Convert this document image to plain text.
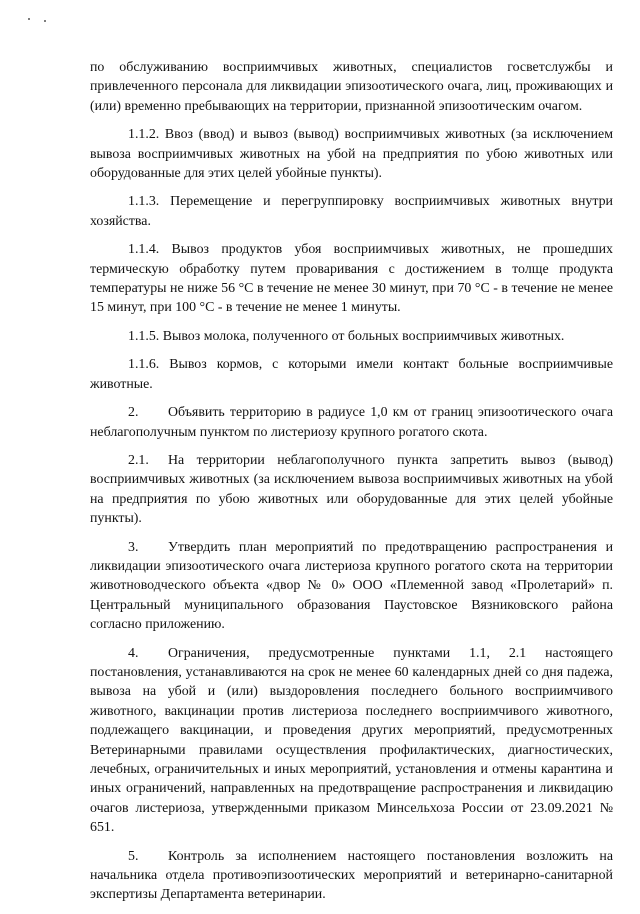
по обслуживанию восприимчивых животных, специалистов госветслужбы и привлеченного персонала для ликвидации эпизоотического очага, лиц, проживающих и (или) временно пребывающих на территории, признанной эпизоотическим очагом.

1.1.2. Ввоз (ввод) и вывоз (вывод) восприимчивых животных (за исключением вывоза восприимчивых животных на убой на предприятия по убою животных или оборудованные для этих целей убойные пункты).

1.1.3. Перемещение и перегруппировку восприимчивых животных внутри хозяйства.

1.1.4. Вывоз продуктов убоя восприимчивых животных, не прошедших термическую обработку путем проваривания с достижением в толще продукта температуры не ниже 56 °С в течение не менее 30 минут, при 70 °С - в течение не менее 15 минут, при 100 °С - в течение не менее 1 минуты.

1.1.5. Вывоз молока, полученного от больных восприимчивых животных.

1.1.6. Вывоз кормов, с которыми имели контакт больные восприимчивые животные.

2. Объявить территорию в радиусе 1,0 км от границ эпизоотического очага неблагополучным пунктом по листериозу крупного рогатого скота.

2.1. На территории неблагополучного пункта запретить вывоз (вывод) восприимчивых животных (за исключением вывоза восприимчивых животных на убой на предприятия по убою животных или оборудованные для этих целей убойные пункты).

3. Утвердить план мероприятий по предотвращению распространения и ликвидации эпизоотического очага листериоза крупного рогатого скота на территории животноводческого объекта «двор № 0» ООО «Племенной завод «Пролетарий» п. Центральный муниципального образования Паустовское Вязниковского района согласно приложению.

4. Ограничения, предусмотренные пунктами 1.1, 2.1 настоящего постановления, устанавливаются на срок не менее 60 календарных дней со дня падежа, вывоза на убой и (или) выздоровления последнего больного восприимчивого животного, вакцинации против листериоза последнего восприимчивого животного, подлежащего вакцинации, и проведения других мероприятий, предусмотренных Ветеринарными правилами осуществления профилактических, диагностических, лечебных, ограничительных и иных мероприятий, установления и отмены карантина и иных ограничений, направленных на предотвращение распространения и ликвидацию очагов листериоза, утвержденными приказом Минсельхоза России от 23.09.2021 № 651.

5. Контроль за исполнением настоящего постановления возложить на начальника отдела противоэпизоотических мероприятий и ветеринарно-санитарной экспертизы Департамента ветеринарии.
